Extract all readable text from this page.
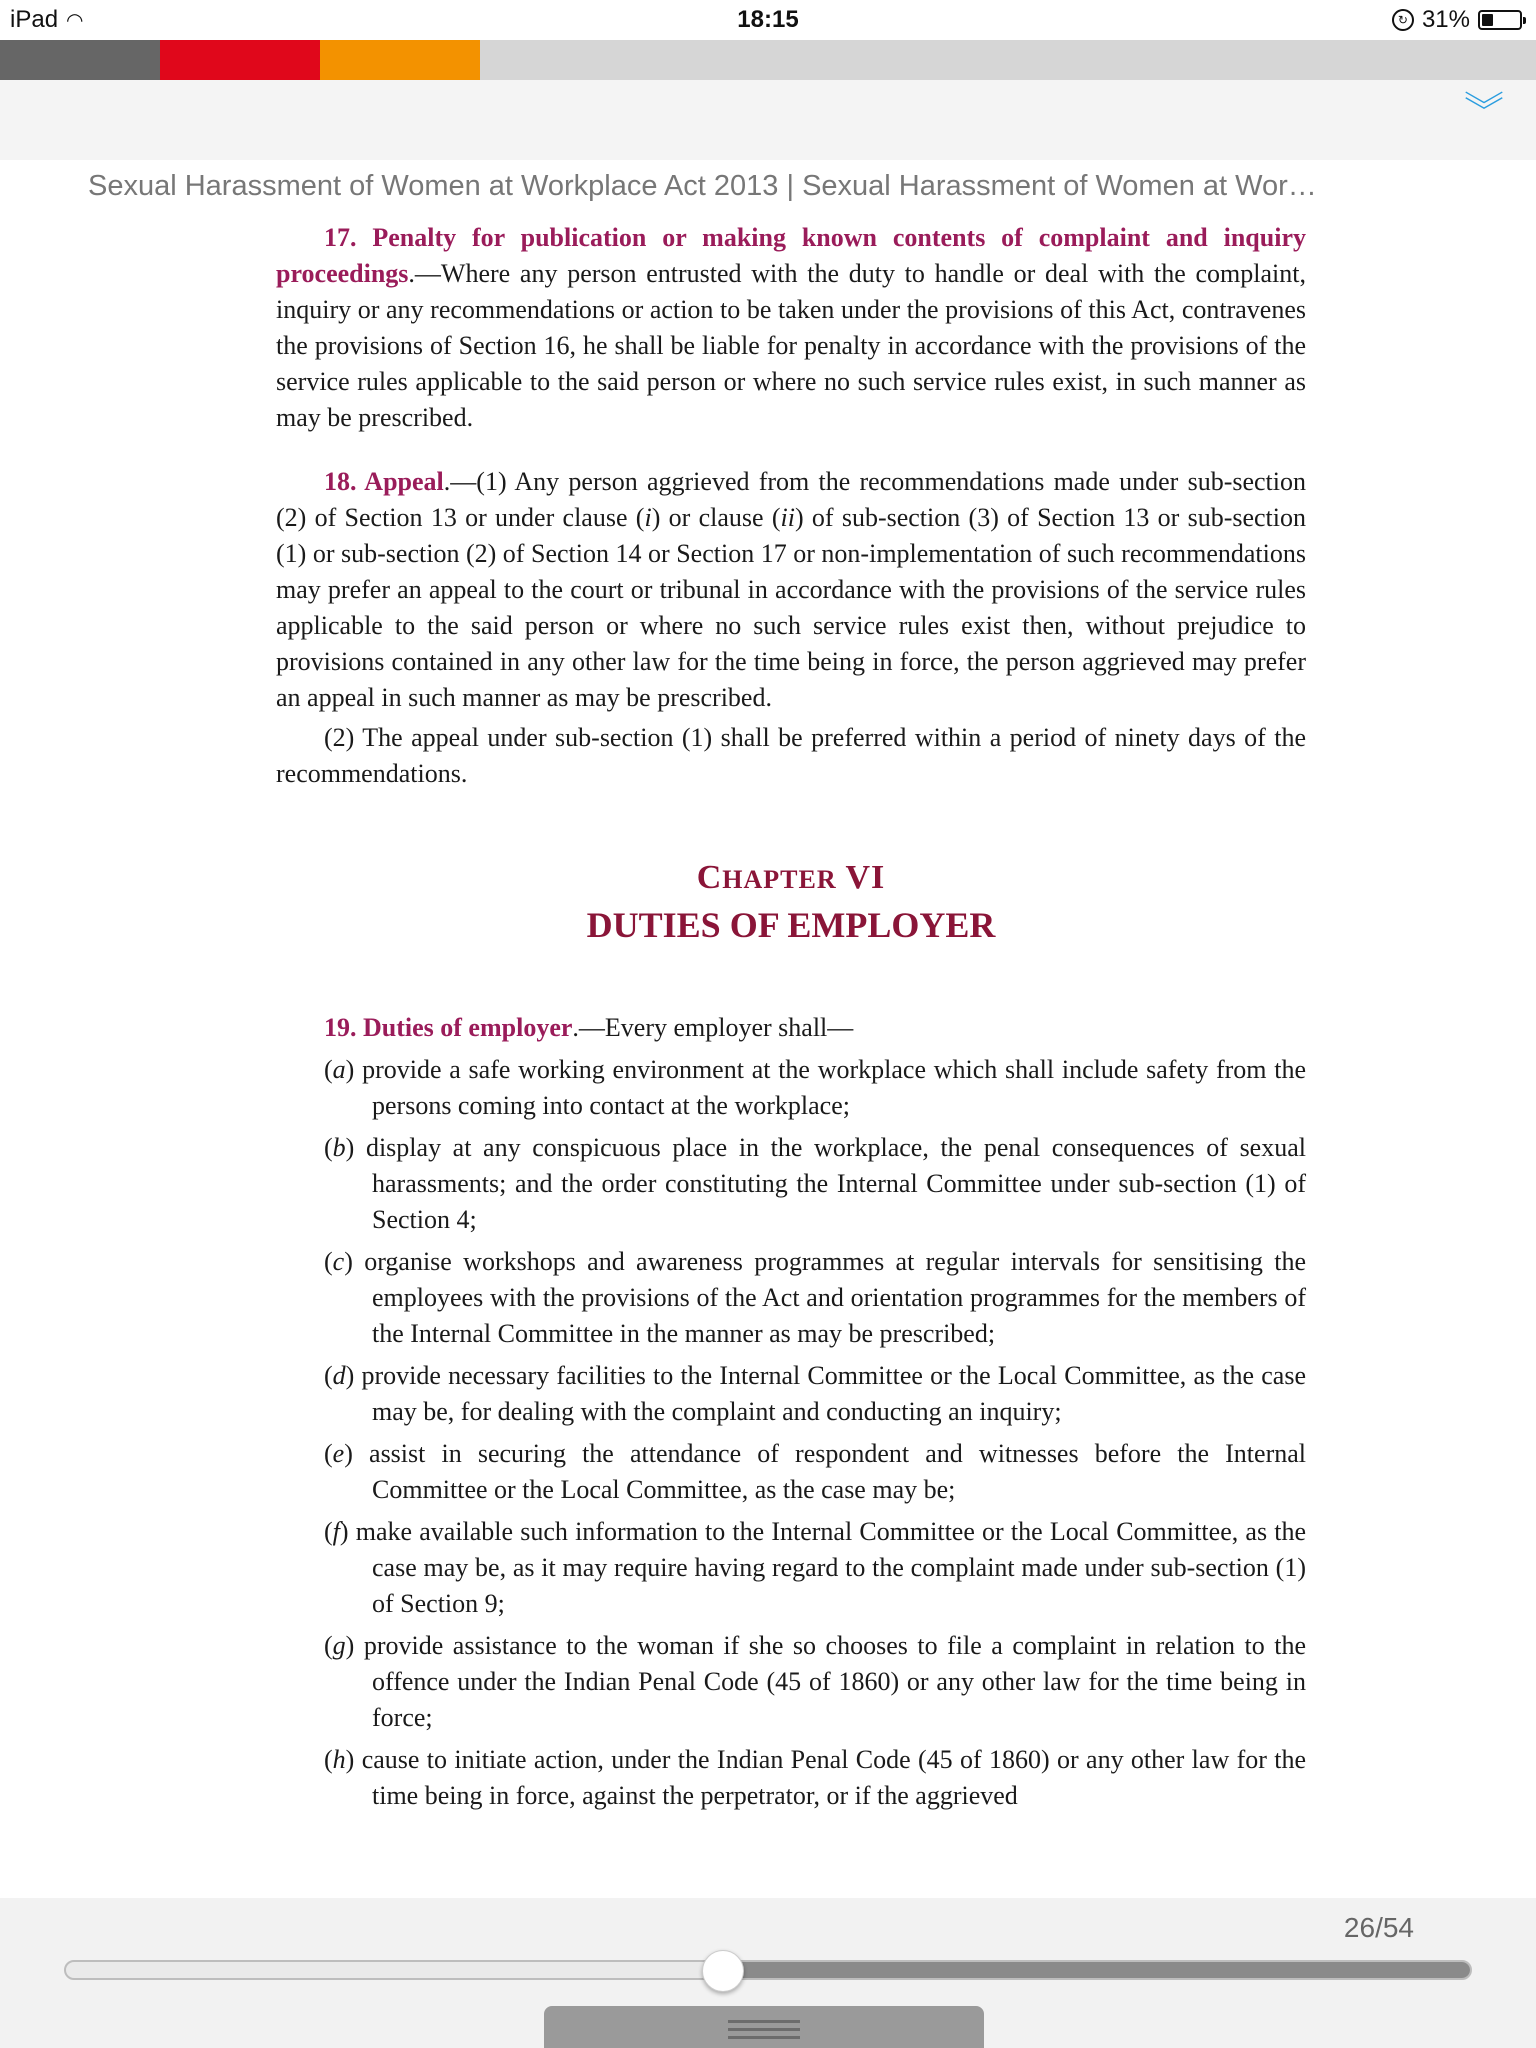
iPad ◠	18:15	↻ 31%
︾
Sexual Harassment of Women at Workplace Act 2013 | Sexual Harassment of Women at Wor…

17. Penalty for publication or making known contents of complaint and inquiry proceedings.—Where any person entrusted with the duty to handle or deal with the complaint, inquiry or any recommendations or action to be taken under the provisions of this Act, contravenes the provisions of Section 16, he shall be liable for penalty in accordance with the provisions of the service rules applicable to the said person or where no such service rules exist, in such manner as may be prescribed.

18. Appeal.—(1) Any person aggrieved from the recommendations made under sub-section (2) of Section 13 or under clause (i) or clause (ii) of sub-section (3) of Section 13 or sub-section (1) or sub-section (2) of Section 14 or Section 17 or non-implementation of such recommendations may prefer an appeal to the court or tribunal in accordance with the provisions of the service rules applicable to the said person or where no such service rules exist then, without prejudice to provisions contained in any other law for the time being in force, the person aggrieved may prefer an appeal in such manner as may be prescribed.

(2) The appeal under sub-section (1) shall be preferred within a period of ninety days of the recommendations.

CHAPTER VI
DUTIES OF EMPLOYER

19. Duties of employer.—Every employer shall—

(a) provide a safe working environment at the workplace which shall include safety from the persons coming into contact at the workplace;

(b) display at any conspicuous place in the workplace, the penal consequences of sexual harassments; and the order constituting the Internal Committee under sub-section (1) of Section 4;

(c) organise workshops and awareness programmes at regular intervals for sensitising the employees with the provisions of the Act and orientation programmes for the members of the Internal Committee in the manner as may be prescribed;

(d) provide necessary facilities to the Internal Committee or the Local Committee, as the case may be, for dealing with the complaint and conducting an inquiry;

(e) assist in securing the attendance of respondent and witnesses before the Internal Committee or the Local Committee, as the case may be;

(f) make available such information to the Internal Committee or the Local Committee, as the case may be, as it may require having regard to the complaint made under sub-section (1) of Section 9;

(g) provide assistance to the woman if she so chooses to file a complaint in relation to the offence under the Indian Penal Code (45 of 1860) or any other law for the time being in force;

(h) cause to initiate action, under the Indian Penal Code (45 of 1860) or any other law for the time being in force, against the perpetrator, or if the aggrieved

26/54
